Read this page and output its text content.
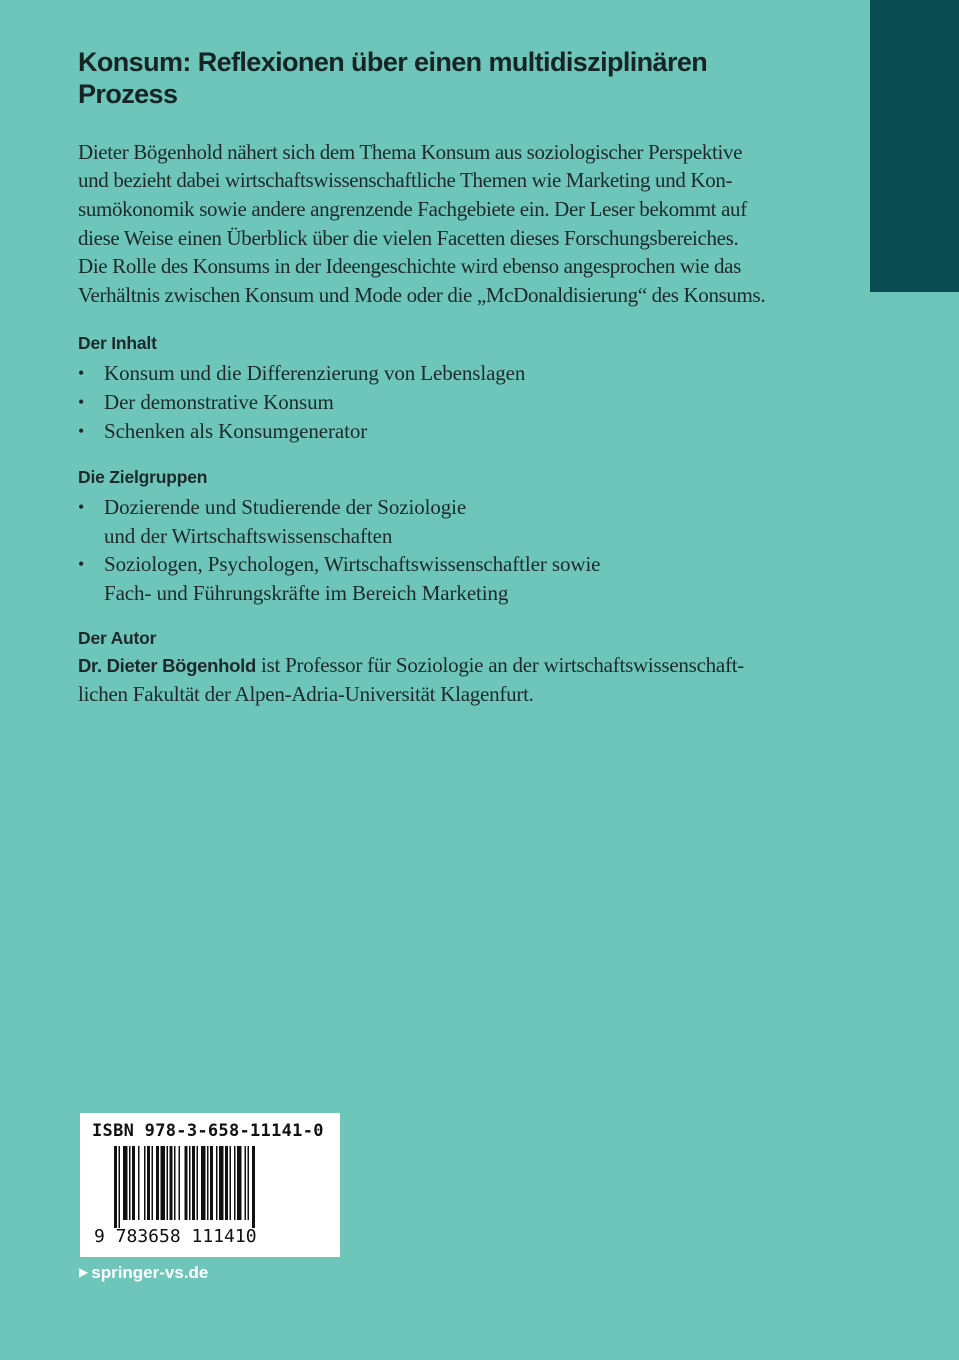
Konsum: Reflexionen über einen multidisziplinären Prozess

Dieter Bögenhold nähert sich dem Thema Konsum aus soziologischer Perspektive
und bezieht dabei wirtschaftswissenschaftliche Themen wie Marketing und Kon-
sumökonomik sowie andere angrenzende Fachgebiete ein. Der Leser bekommt auf
diese Weise einen Überblick über die vielen Facetten dieses Forschungsbereiches.
Die Rolle des Konsums in der Ideengeschichte wird ebenso angesprochen wie das
Verhältnis zwischen Konsum und Mode oder die „McDonaldisierung“ des Konsums.

Der Inhalt
• Konsum und die Differenzierung von Lebenslagen
• Der demonstrative Konsum
• Schenken als Konsumgenerator
Die Zielgruppen
• Dozierende und Studierende der Soziologie
und der Wirtschaftswissenschaften
• Soziologen, Psychologen, Wirtschaftswissenschaftler sowie
Fach- und Führungskräfte im Bereich Marketing
Der Autor

Dr. Dieter Bögenhold ist Professor für Soziologie an der wirtschaftswissenschaft-
lichen Fakultät der Alpen-Adria-Universität Klagenfurt.

ISBN 978-3-658-11141-0
9 783658 111410
▶ springer-vs.de
